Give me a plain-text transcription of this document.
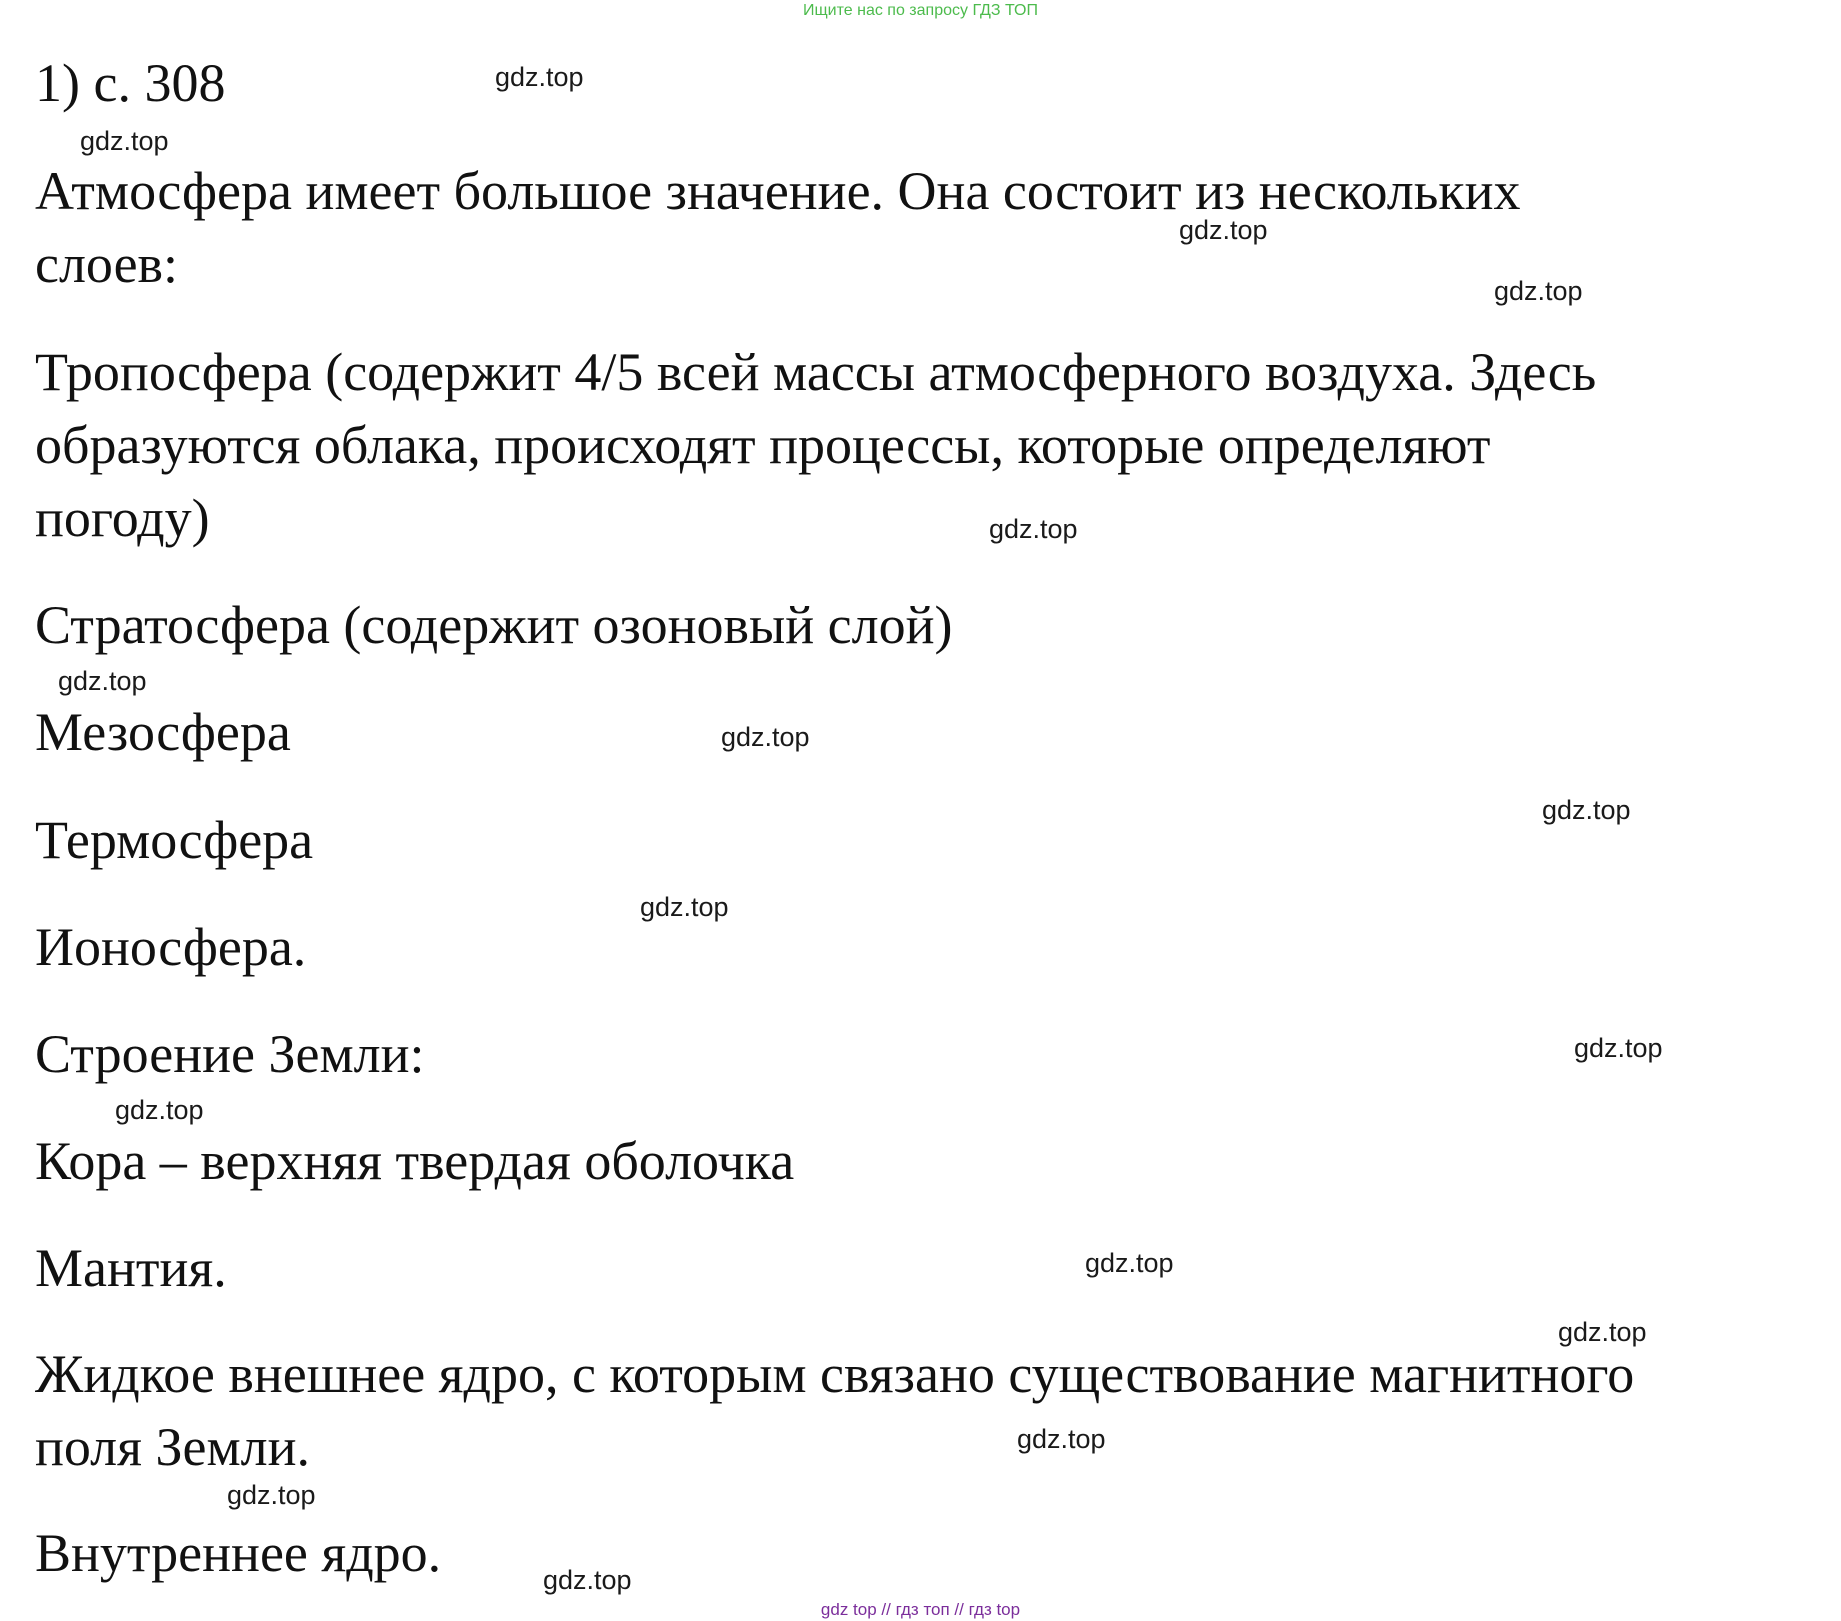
Ищите нас по запросу ГДЗ ТОП
1) с. 308
Атмосфера имеет большое значение. Она состоит из нескольких
слоев:
Тропосфера (содержит 4/5 всей массы атмосферного воздуха. Здесь
образуются облака, происходят процессы, которые определяют
погоду)
Стратосфера (содержит озоновый слой)
Мезосфера
Термосфера
Ионосфера.
Строение Земли:
Кора – верхняя твердая оболочка
Мантия.
Жидкое внешнее ядро, с которым связано существование магнитного
поля Земли.
Внутреннее ядро.
gdz.top
gdz.top
gdz.top
gdz.top
gdz.top
gdz.top
gdz.top
gdz.top
gdz.top
gdz.top
gdz.top
gdz.top
gdz.top
gdz.top
gdz.top
gdz.top
gdz top // гдз топ // гдз top
